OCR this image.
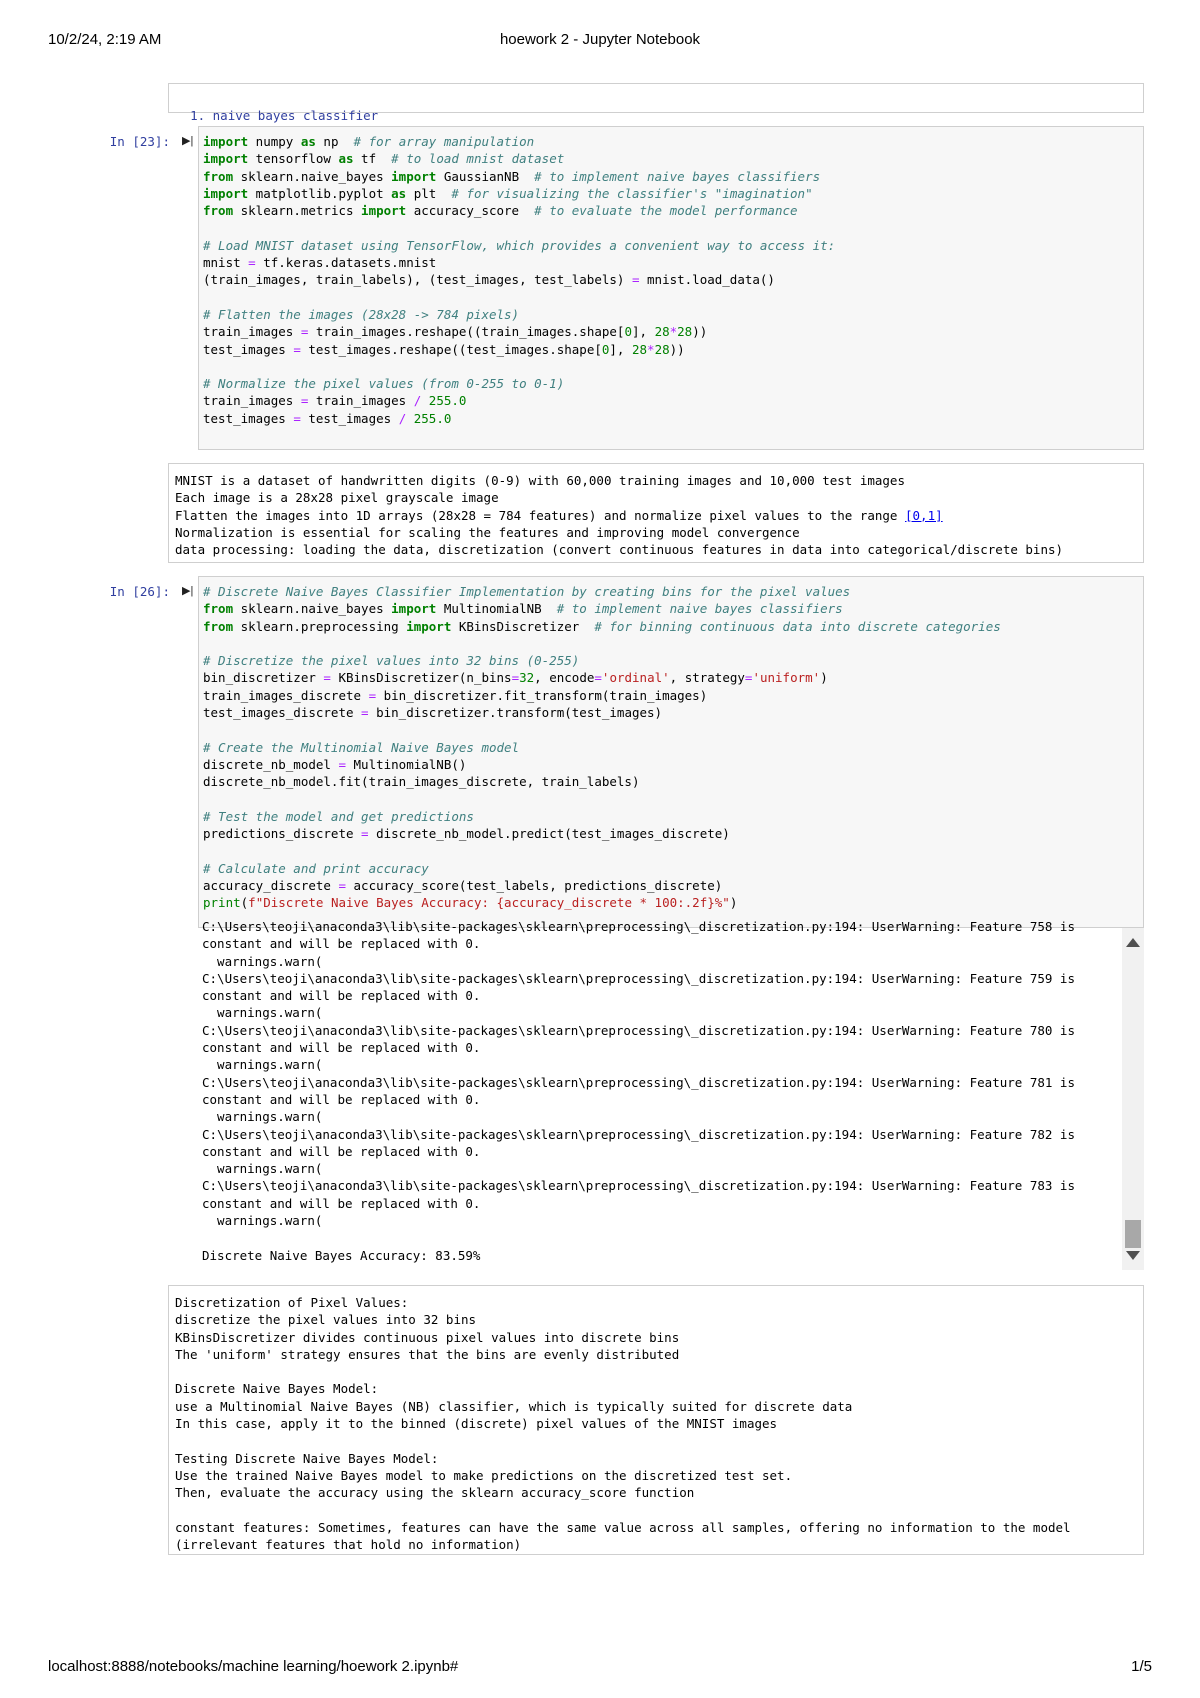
10/2/24, 2:19 AM	hoework 2 - Jupyter Notebook
localhost:8888/notebooks/machine learning/hoework 2.ipynb#	1/5

1. naive bayes classifier

In [23]: ▶| import numpy as np  # for array manipulation
import tensorflow as tf  # to load mnist dataset
from sklearn.naive_bayes import GaussianNB  # to implement naive bayes classifiers
import matplotlib.pyplot as plt  # for visualizing the classifier's "imagination"
from sklearn.metrics import accuracy_score  # to evaluate the model performance

# Load MNIST dataset using TensorFlow, which provides a convenient way to access it:
mnist = tf.keras.datasets.mnist
(train_images, train_labels), (test_images, test_labels) = mnist.load_data()

# Flatten the images (28x28 -> 784 pixels)
train_images = train_images.reshape((train_images.shape[0], 28*28))
test_images = test_images.reshape((test_images.shape[0], 28*28))

# Normalize the pixel values (from 0-255 to 0-1)
train_images = train_images / 255.0
test_images = test_images / 255.0
MNIST is a dataset of handwritten digits (0-9) with 60,000 training images and 10,000 test images
Each image is a 28x28 pixel grayscale image
Flatten the images into 1D arrays (28x28 = 784 features) and normalize pixel values to the range [0,1]
Normalization is essential for scaling the features and improving model convergence
data processing: loading the data, discretization (convert continuous features in data into categorical/discrete bins)
In [26]: ▶| # Discrete Naive Bayes Classifier Implementation by creating bins for the pixel values
from sklearn.naive_bayes import MultinomialNB  # to implement naive bayes classifiers
from sklearn.preprocessing import KBinsDiscretizer  # for binning continuous data into discrete categories

# Discretize the pixel values into 32 bins (0-255)
bin_discretizer = KBinsDiscretizer(n_bins=32, encode='ordinal', strategy='uniform')
train_images_discrete = bin_discretizer.fit_transform(train_images)
test_images_discrete = bin_discretizer.transform(test_images)

# Create the Multinomial Naive Bayes model
discrete_nb_model = MultinomialNB()
discrete_nb_model.fit(train_images_discrete, train_labels)

# Test the model and get predictions
predictions_discrete = discrete_nb_model.predict(test_images_discrete)

# Calculate and print accuracy
accuracy_discrete = accuracy_score(test_labels, predictions_discrete)
print(f"Discrete Naive Bayes Accuracy: {accuracy_discrete * 100:.2f}%")

C:\Users\teoji\anaconda3\lib\site-packages\sklearn\preprocessing\_discretization.py:194: UserWarning: Feature 758 is
constant and will be replaced with 0.
warnings.warn(
C:\Users\teoji\anaconda3\lib\site-packages\sklearn\preprocessing\_discretization.py:194: UserWarning: Feature 759 is
constant and will be replaced with 0.
warnings.warn(
C:\Users\teoji\anaconda3\lib\site-packages\sklearn\preprocessing\_discretization.py:194: UserWarning: Feature 780 is
constant and will be replaced with 0.
warnings.warn(
C:\Users\teoji\anaconda3\lib\site-packages\sklearn\preprocessing\_discretization.py:194: UserWarning: Feature 781 is
constant and will be replaced with 0.
warnings.warn(
C:\Users\teoji\anaconda3\lib\site-packages\sklearn\preprocessing\_discretization.py:194: UserWarning: Feature 782 is
constant and will be replaced with 0.
warnings.warn(
C:\Users\teoji\anaconda3\lib\site-packages\sklearn\preprocessing\_discretization.py:194: UserWarning: Feature 783 is
constant and will be replaced with 0.
warnings.warn(

Discrete Naive Bayes Accuracy: 83.59%

Discretization of Pixel Values:
discretize the pixel values into 32 bins
KBinsDiscretizer divides continuous pixel values into discrete bins
The 'uniform' strategy ensures that the bins are evenly distributed

Discrete Naive Bayes Model:
use a Multinomial Naive Bayes (NB) classifier, which is typically suited for discrete data
In this case, apply it to the binned (discrete) pixel values of the MNIST images

Testing Discrete Naive Bayes Model:
Use the trained Naive Bayes model to make predictions on the discretized test set.
Then, evaluate the accuracy using the sklearn accuracy_score function

constant features: Sometimes, features can have the same value across all samples, offering no information to the model
(irrelevant features that hold no information)
